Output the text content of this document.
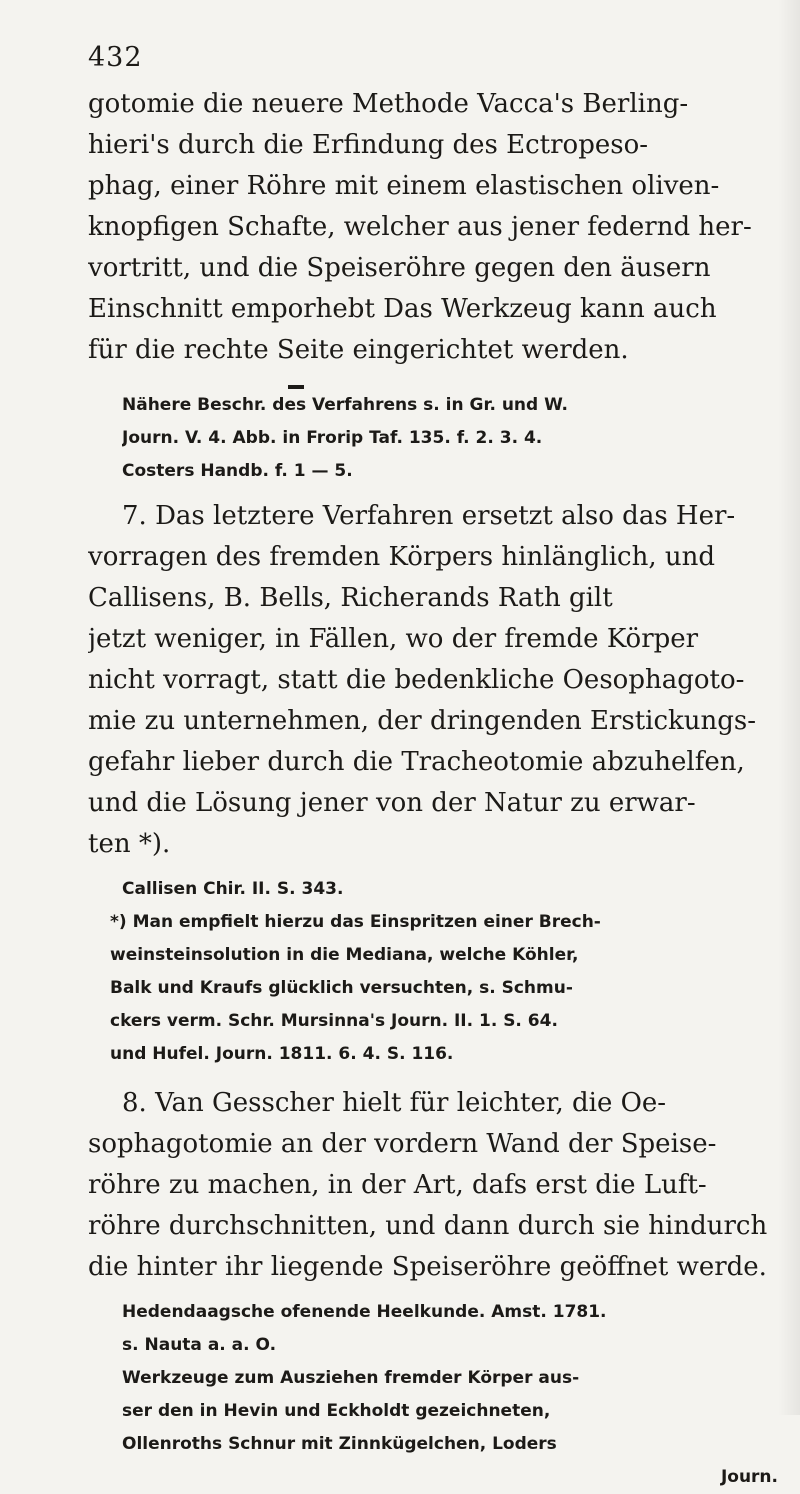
432
gotomie die neuere Methode Vacca's Berling-
hieri's durch die Erfindung des Ectropeso-
phag, einer Röhre mit einem elastischen oliven-
knopfigen Schafte, welcher aus jener federnd her-
vortritt, und die Speiseröhre gegen den äusern
Einschnitt emporhebt Das Werkzeug kann auch
für die rechte Seite eingerichtet werden.
Nähere Beschr. des Verfahrens s. in Gr. und W.
Journ. V. 4. Abb. in Frorip Taf. 135. f. 2. 3. 4.
Costers Handb. f. 1 — 5.
7. Das letztere Verfahren ersetzt also das Her-
vorragen des fremden Körpers hinlänglich, und
Callisens, B. Bells, Richerands Rath gilt
jetzt weniger, in Fällen, wo der fremde Körper
nicht vorragt, statt die bedenkliche Oesophagoto-
mie zu unternehmen, der dringenden Erstickungs-
gefahr lieber durch die Tracheotomie abzuhelfen,
und die Lösung jener von der Natur zu erwar-
ten *).
Callisen Chir. II. S. 343.
*) Man empfielt hierzu das Einspritzen einer Brech-
weinsteinsolution in die Mediana, welche Köhler,
Balk und Kraufs glücklich versuchten, s. Schmu-
ckers verm. Schr. Mursinna's Journ. II. 1. S. 64.
und Hufel. Journ. 1811. 6. 4. S. 116.
8. Van Gesscher hielt für leichter, die Oe-
sophagotomie an der vordern Wand der Speise-
röhre zu machen, in der Art, dafs erst die Luft-
röhre durchschnitten, und dann durch sie hindurch
die hinter ihr liegende Speiseröhre geöffnet werde.
Hedendaagsche ofenende Heelkunde. Amst. 1781.
s. Nauta a. a. O.
Werkzeuge zum Ausziehen fremder Körper aus-
ser den in Hevin und Eckholdt gezeichneten,
Ollenroths Schnur mit Zinnkügelchen, Loders
Journ.
